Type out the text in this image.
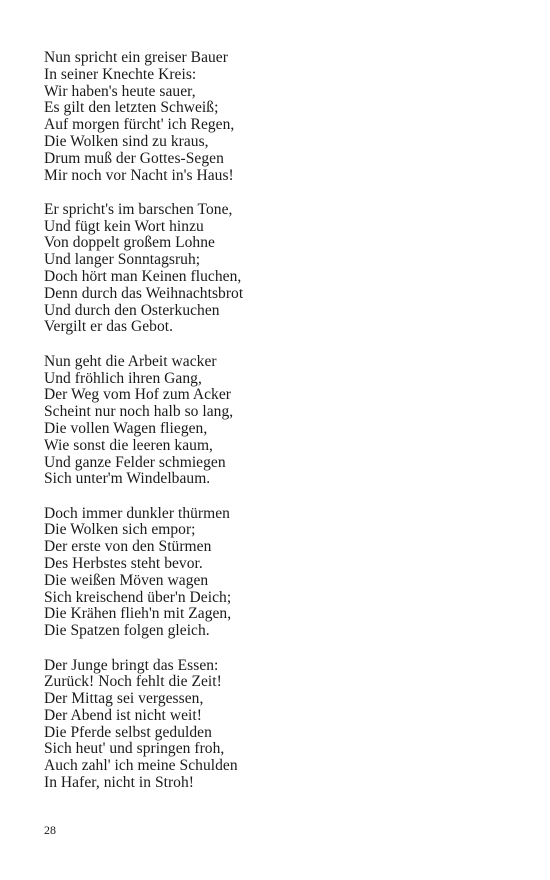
Nun spricht ein greiser Bauer
In seiner Knechte Kreis:
Wir haben's heute sauer,
Es gilt den letzten Schweiß;
Auf morgen fürcht' ich Regen,
Die Wolken sind zu kraus,
Drum muß der Gottes-Segen
Mir noch vor Nacht in's Haus!
Er spricht's im barschen Tone,
Und fügt kein Wort hinzu
Von doppelt großem Lohne
Und langer Sonntagsruh;
Doch hört man Keinen fluchen,
Denn durch das Weihnachtsbrot
Und durch den Osterkuchen
Vergilt er das Gebot.
Nun geht die Arbeit wacker
Und fröhlich ihren Gang,
Der Weg vom Hof zum Acker
Scheint nur noch halb so lang,
Die vollen Wagen fliegen,
Wie sonst die leeren kaum,
Und ganze Felder schmiegen
Sich unter'm Windelbaum.
Doch immer dunkler thürmen
Die Wolken sich empor;
Der erste von den Stürmen
Des Herbstes steht bevor.
Die weißen Möven wagen
Sich kreischend über'n Deich;
Die Krähen flieh'n mit Zagen,
Die Spatzen folgen gleich.
Der Junge bringt das Essen:
Zurück! Noch fehlt die Zeit!
Der Mittag sei vergessen,
Der Abend ist nicht weit!
Die Pferde selbst gedulden
Sich heut' und springen froh,
Auch zahl' ich meine Schulden
In Hafer, nicht in Stroh!
28
